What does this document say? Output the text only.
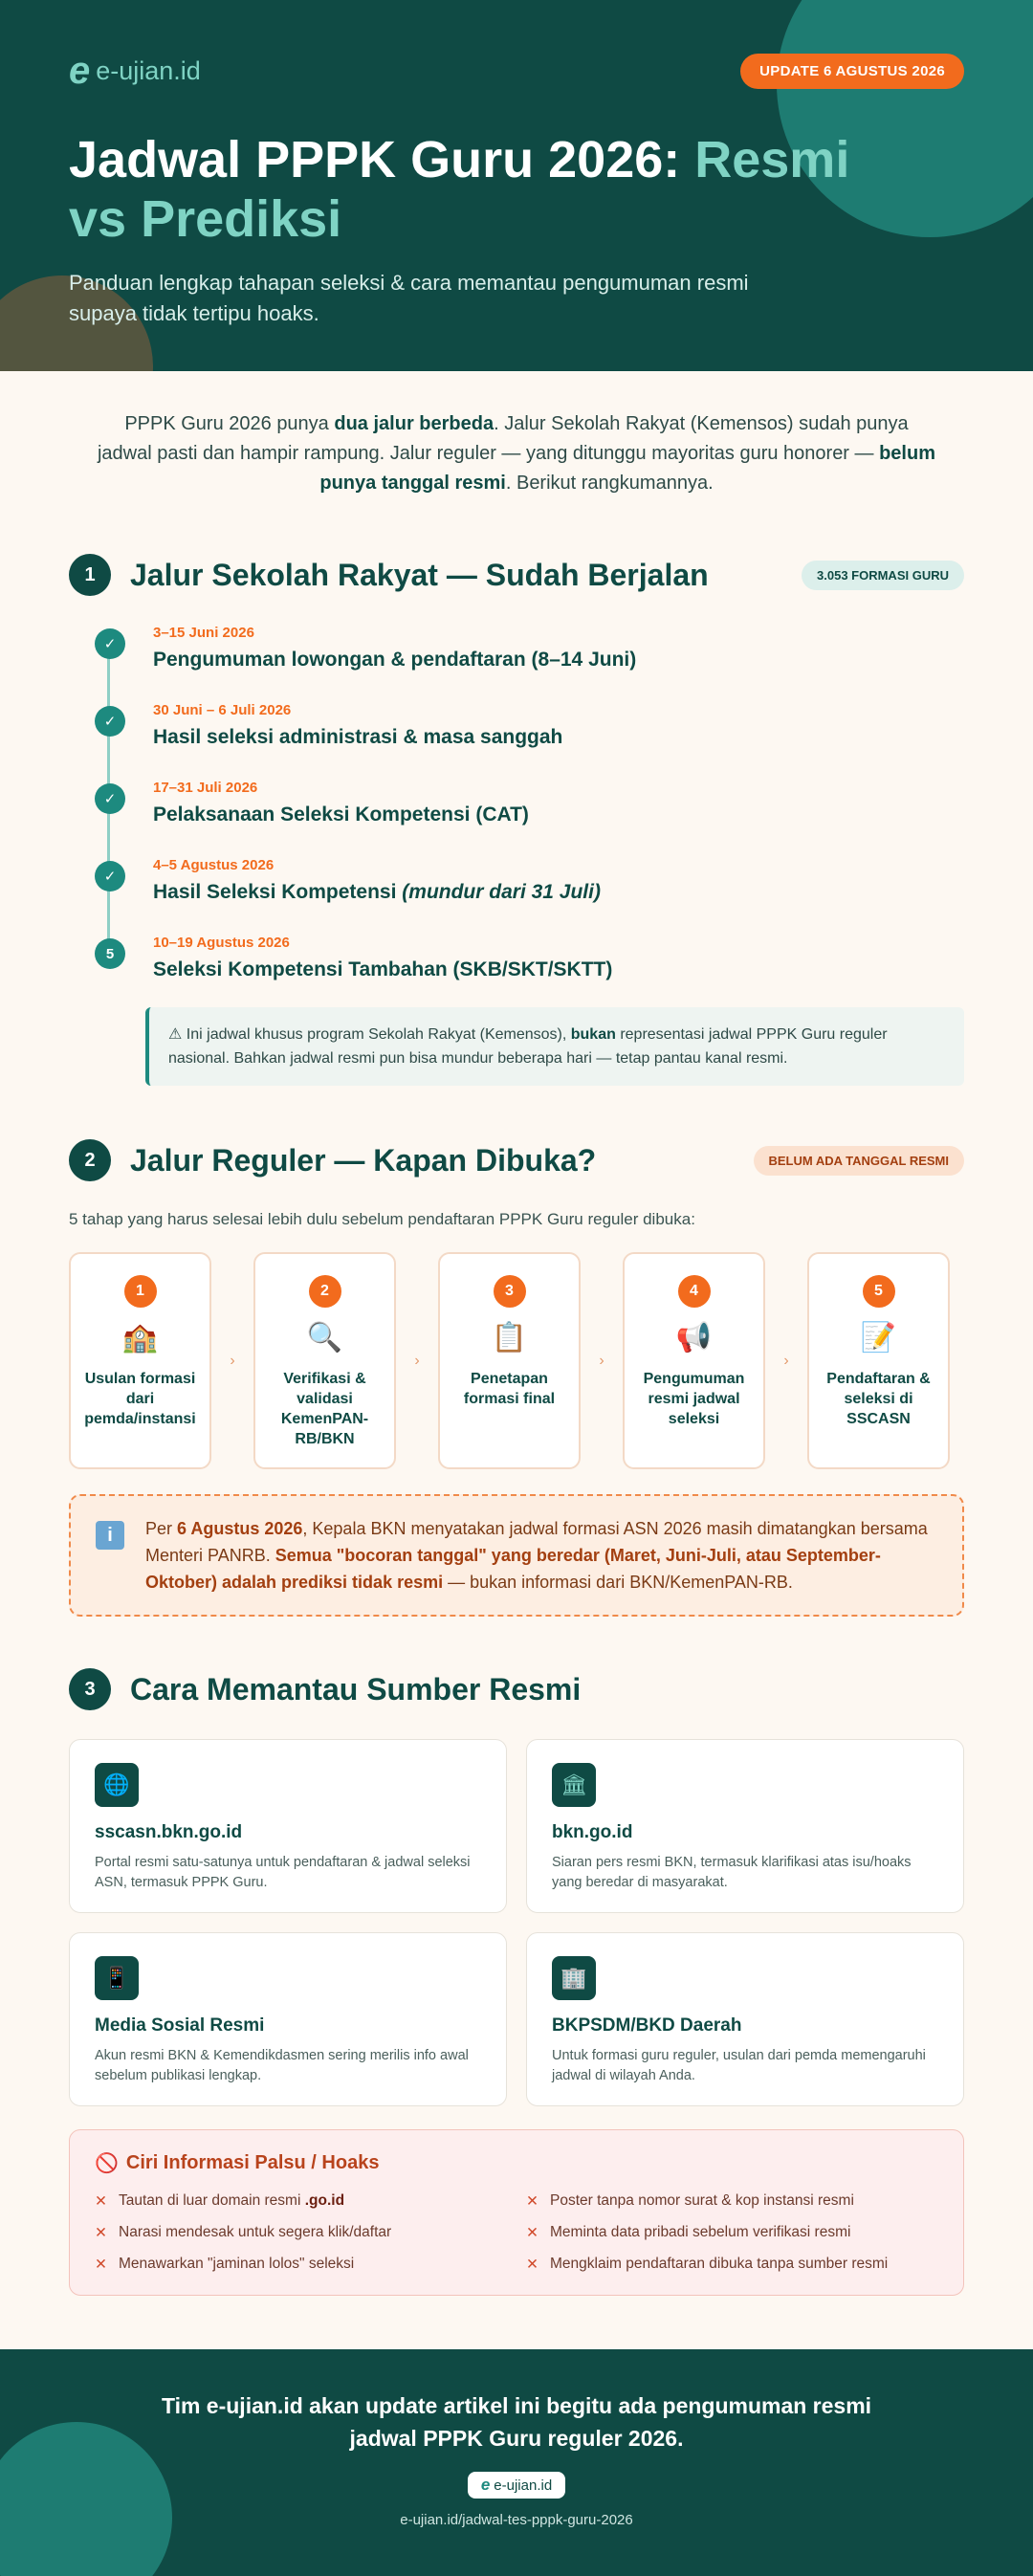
e e-ujian.id	UPDATE 6 AGUSTUS 2026
Jadwal PPPK Guru 2026: Resmi vs Prediksi

Panduan lengkap tahapan seleksi & cara memantau pengumuman resmi supaya tidak tertipu hoaks.

PPPK Guru 2026 punya dua jalur berbeda. Jalur Sekolah Rakyat (Kemensos) sudah punya jadwal pasti dan hampir rampung. Jalur reguler — yang ditunggu mayoritas guru honorer — belum punya tanggal resmi. Berikut rangkumannya.

1	Jalur Sekolah Rakyat — Sudah Berjalan	3.053 FORMASI GURU
✓
3–15 Juni 2026
Pengumuman lowongan & pendaftaran (8–14 Juni)
✓
30 Juni – 6 Juli 2026
Hasil seleksi administrasi & masa sanggah
✓
17–31 Juli 2026
Pelaksanaan Seleksi Kompetensi (CAT)
✓
4–5 Agustus 2026
Hasil Seleksi Kompetensi (mundur dari 31 Juli)
5
10–19 Agustus 2026
Seleksi Kompetensi Tambahan (SKB/SKT/SKTT)
⚠ Ini jadwal khusus program Sekolah Rakyat (Kemensos), bukan representasi jadwal PPPK Guru reguler nasional. Bahkan jadwal resmi pun bisa mundur beberapa hari — tetap pantau kanal resmi.
2	Jalur Reguler — Kapan Dibuka?	BELUM ADA TANGGAL RESMI

5 tahap yang harus selesai lebih dulu sebelum pendaftaran PPPK Guru reguler dibuka:

1
🏫
Usulan formasi dari pemda/instansi
›
2
🔍
Verifikasi & validasi KemenPAN-RB/BKN
›
3
📋
Penetapan formasi final
›
4
📢
Pengumuman resmi jadwal seleksi
›
5
📝
Pendaftaran & seleksi di SSCASN
i	Per 6 Agustus 2026, Kepala BKN menyatakan jadwal formasi ASN 2026 masih dimatangkan bersama Menteri PANRB. Semua "bocoran tanggal" yang beredar (Maret, Juni-Juli, atau September-Oktober) adalah prediksi tidak resmi — bukan informasi dari BKN/KemenPAN-RB.

3	Cara Memantau Sumber Resmi
🌐
sscasn.bkn.go.id
Portal resmi satu-satunya untuk pendaftaran & jadwal seleksi ASN, termasuk PPPK Guru.
🏛
bkn.go.id
Siaran pers resmi BKN, termasuk klarifikasi atas isu/hoaks yang beredar di masyarakat.
📱
Media Sosial Resmi
Akun resmi BKN & Kemendikdasmen sering merilis info awal sebelum publikasi lengkap.
🏢
BKPSDM/BKD Daerah
Untuk formasi guru reguler, usulan dari pemda memengaruhi jadwal di wilayah Anda.
🚫 Ciri Informasi Palsu / Hoaks
✕ Tautan di luar domain resmi .go.id	✕ Poster tanpa nomor surat & kop instansi resmi
✕ Narasi mendesak untuk segera klik/daftar	✕ Meminta data pribadi sebelum verifikasi resmi
✕ Menawarkan "jaminan lolos" seleksi	✕ Mengklaim pendaftaran dibuka tanpa sumber resmi

Tim e-ujian.id akan update artikel ini begitu ada pengumuman resmi jadwal PPPK Guru reguler 2026.

e e-ujian.id

e-ujian.id/jadwal-tes-pppk-guru-2026
